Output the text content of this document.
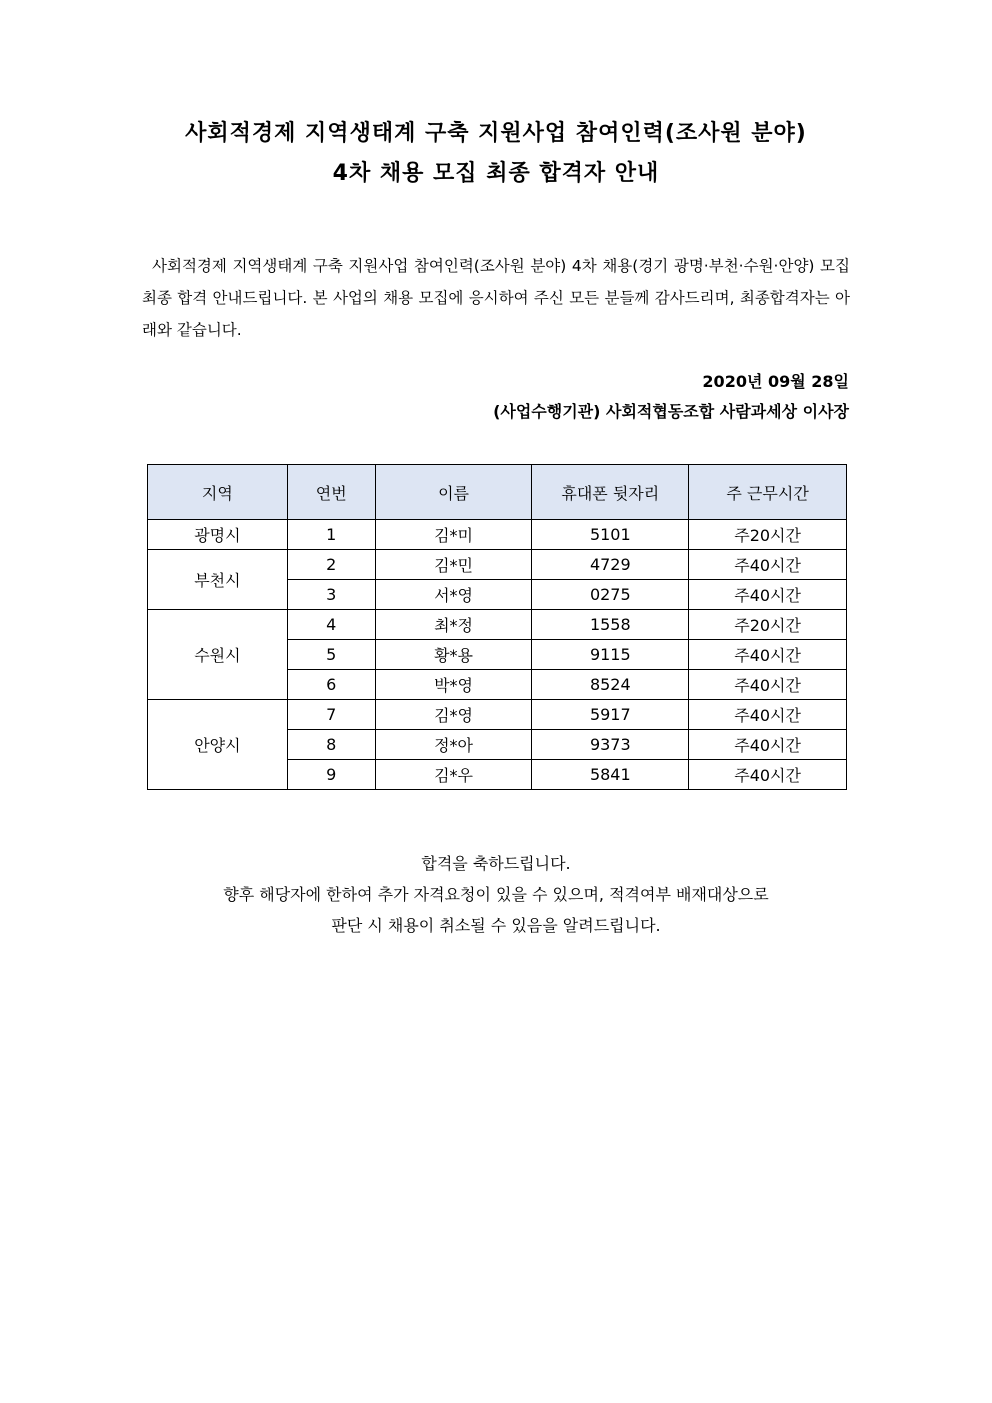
사회적경제 지역생태계 구축 지원사업 참여인력(조사원 분야)
4차 채용 모집 최종 합격자 안내

사회적경제 지역생태계 구축 지원사업 참여인력(조사원 분야) 4차 채용(경기 광명·부천·수원·안양) 모집 최종 합격 안내드립니다. 본 사업의 채용 모집에 응시하여 주신 모든 분들께 감사드리며, 최종합격자는 아래와 같습니다.

2020년 09월 28일
(사업수행기관) 사회적협동조합 사람과세상 이사장
지역	연번	이름	휴대폰 뒷자리	주 근무시간
광명시	1	김*미	5101	주20시간
부천시	2	김*민	4729	주40시간
	3	서*영	0275	주40시간
수원시	4	최*정	1558	주20시간
	5	황*용	9115	주40시간
	6	박*영	8524	주40시간
안양시	7	김*영	5917	주40시간
	8	정*아	9373	주40시간
	9	김*우	5841	주40시간
합격을 축하드립니다.
향후 해당자에 한하여 추가 자격요청이 있을 수 있으며, 적격여부 배재대상으로
판단 시 채용이 취소될 수 있음을 알려드립니다.
